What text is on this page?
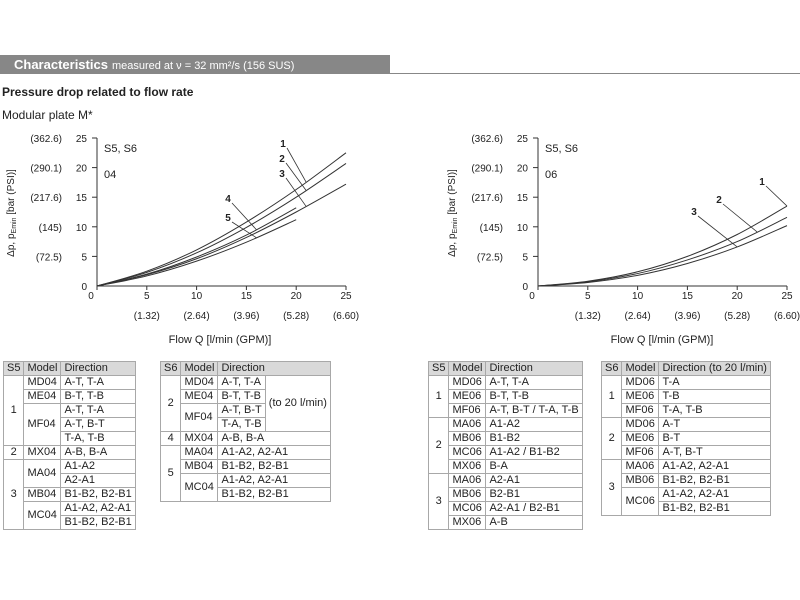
Characteristics measured at ν = 32 mm²/s (156 SUS)
Pressure drop related to flow rate
Modular plate M*
0
5
(72.5)
10
(145)
15
(217.6)
20
(290.1)
25
(362.6)
0	5
(1.32)
10
(2.64)
15
(3.96)
20
(5.28)
25
(6.60)
S5, S6
04
Flow Q [l/min (GPM)]
Δp, $p_{Emin}$ [bar (PSI)]
1
2
3
4
5
0
5
(72.5)
10
(145)
15
(217.6)
20
(290.1)
25
(362.6)
0	5
(1.32)
10
(2.64)
15
(3.96)
20
(5.28)
25
(6.60)
S5, S6
06
Flow Q [l/min (GPM)]
Δp, $p_{Emin}$ [bar (PSI)]	1
2
3
S5	Model	Direction
1	MD04	A-T, T-A
	ME04	B-T, T-B
	MF04	A-T, T-A
		A-T, B-T
		T-A, T-B
2	MX04	A-B, B-A
3	MA04	A1-A2
		A2-A1
	MB04	B1-B2, B2-B1
	MC04	A1-A2, A2-A1
		B1-B2, B2-B1
S6	Model	Direction	
2	MD04	A-T, T-A	(to 20 l/min)
	ME04	B-T, T-B	
	MF04	A-T, B-T	
		T-A, T-B	
4	MX04	A-B, B-A	
5	MA04	A1-A2, A2-A1	
	MB04	B1-B2, B2-B1	
	MC04	A1-A2, A2-A1	
		B1-B2, B2-B1	
S5	Model	Direction
1	MD06	A-T, T-A
	ME06	B-T, T-B
	MF06	A-T, B-T / T-A, T-B
2	MA06	A1-A2
	MB06	B1-B2
	MC06	A1-A2 / B1-B2
	MX06	B-A
3	MA06	A2-A1
	MB06	B2-B1
	MC06	A2-A1 / B2-B1
	MX06	A-B
S6	Model	Direction (to 20 l/min)
1	MD06	T-A
	ME06	T-B
	MF06	T-A, T-B
2	MD06	A-T
	ME06	B-T
	MF06	A-T, B-T
3	MA06	A1-A2, A2-A1
	MB06	B1-B2, B2-B1
	MC06	A1-A2, A2-A1
		B1-B2, B2-B1
